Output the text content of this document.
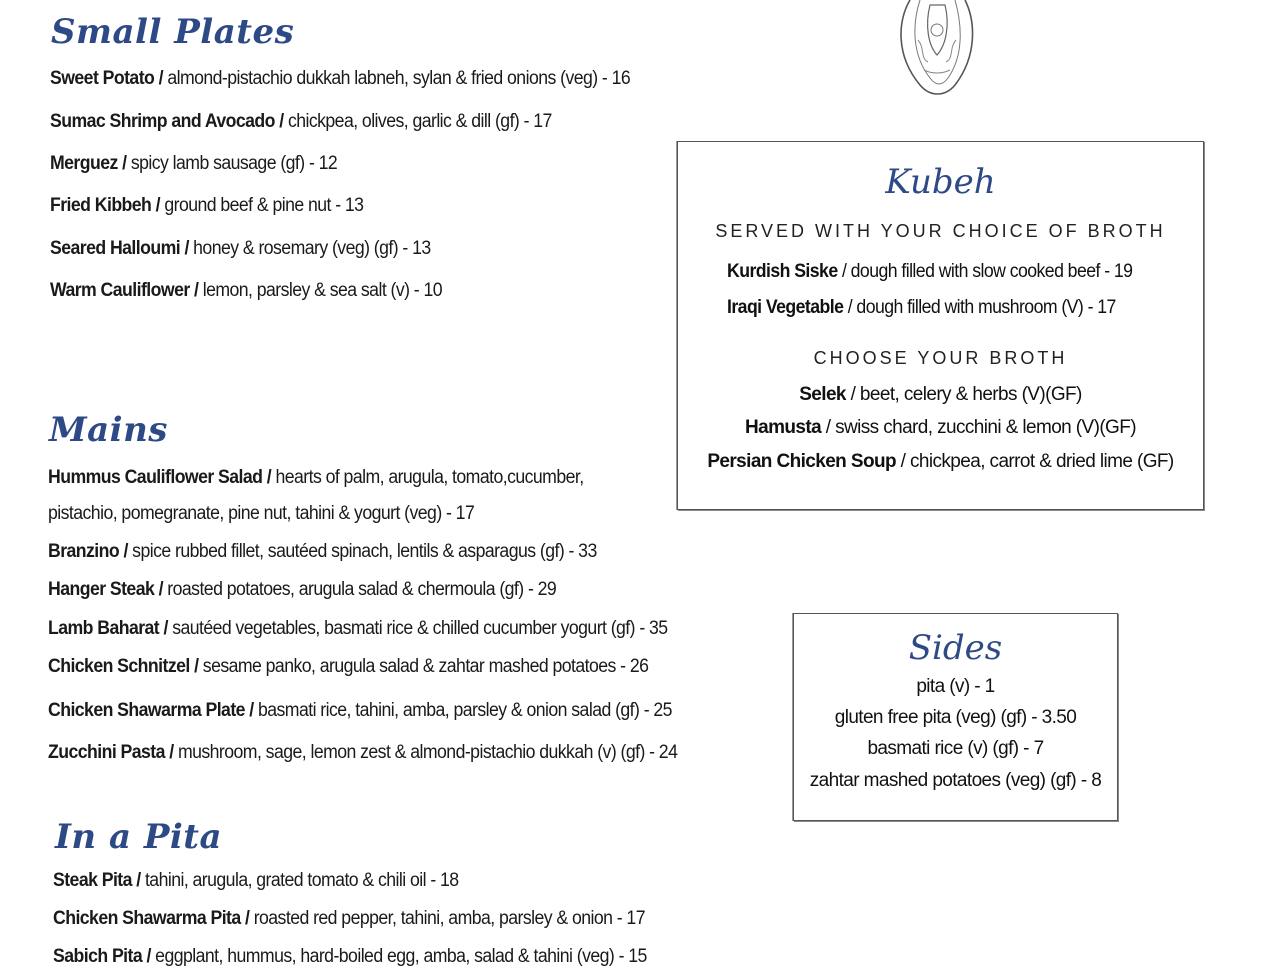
Small Plates
Sweet Potato / almond-pistachio dukkah labneh, sylan & fried onions (veg) - 16
Sumac Shrimp and Avocado / chickpea, olives, garlic & dill (gf) - 17
Merguez / spicy lamb sausage (gf) - 12
Fried Kibbeh / ground beef & pine nut - 13
Seared Halloumi / honey & rosemary (veg) (gf) - 13
Warm Cauliflower / lemon, parsley & sea salt (v) - 10
Mains
Hummus Cauliflower Salad / hearts of palm, arugula, tomato,cucumber,
pistachio, pomegranate, pine nut, tahini & yogurt (veg) - 17
Branzino / spice rubbed fillet, sautéed spinach, lentils & asparagus (gf) - 33
Hanger Steak / roasted potatoes, arugula salad & chermoula (gf) - 29
Lamb Baharat / sautéed vegetables, basmati rice & chilled cucumber yogurt (gf) - 35
Chicken Schnitzel / sesame panko, arugula salad & zahtar mashed potatoes - 26
Chicken Shawarma Plate / basmati rice, tahini, amba, parsley & onion salad (gf) - 25
Zucchini Pasta / mushroom, sage, lemon zest & almond-pistachio dukkah (v) (gf) - 24
In a Pita
Steak Pita / tahini, arugula, grated tomato & chili oil - 18
Chicken Shawarma Pita / roasted red pepper, tahini, amba, parsley & onion - 17
Sabich Pita / eggplant, hummus, hard-boiled egg, amba, salad & tahini (veg) - 15
Kubeh
SERVED WITH YOUR CHOICE OF BROTH
Kurdish Siske / dough filled with slow cooked beef - 19
Iraqi Vegetable / dough filled with mushroom (V) - 17
CHOOSE YOUR BROTH
Selek / beet, celery & herbs (V)(GF)
Hamusta / swiss chard, zucchini & lemon (V)(GF)
Persian Chicken Soup / chickpea, carrot & dried lime (GF)
Sides
pita (v) - 1
gluten free pita (veg) (gf) - 3.50
basmati rice (v) (gf) - 7
zahtar mashed potatoes (veg) (gf) - 8
